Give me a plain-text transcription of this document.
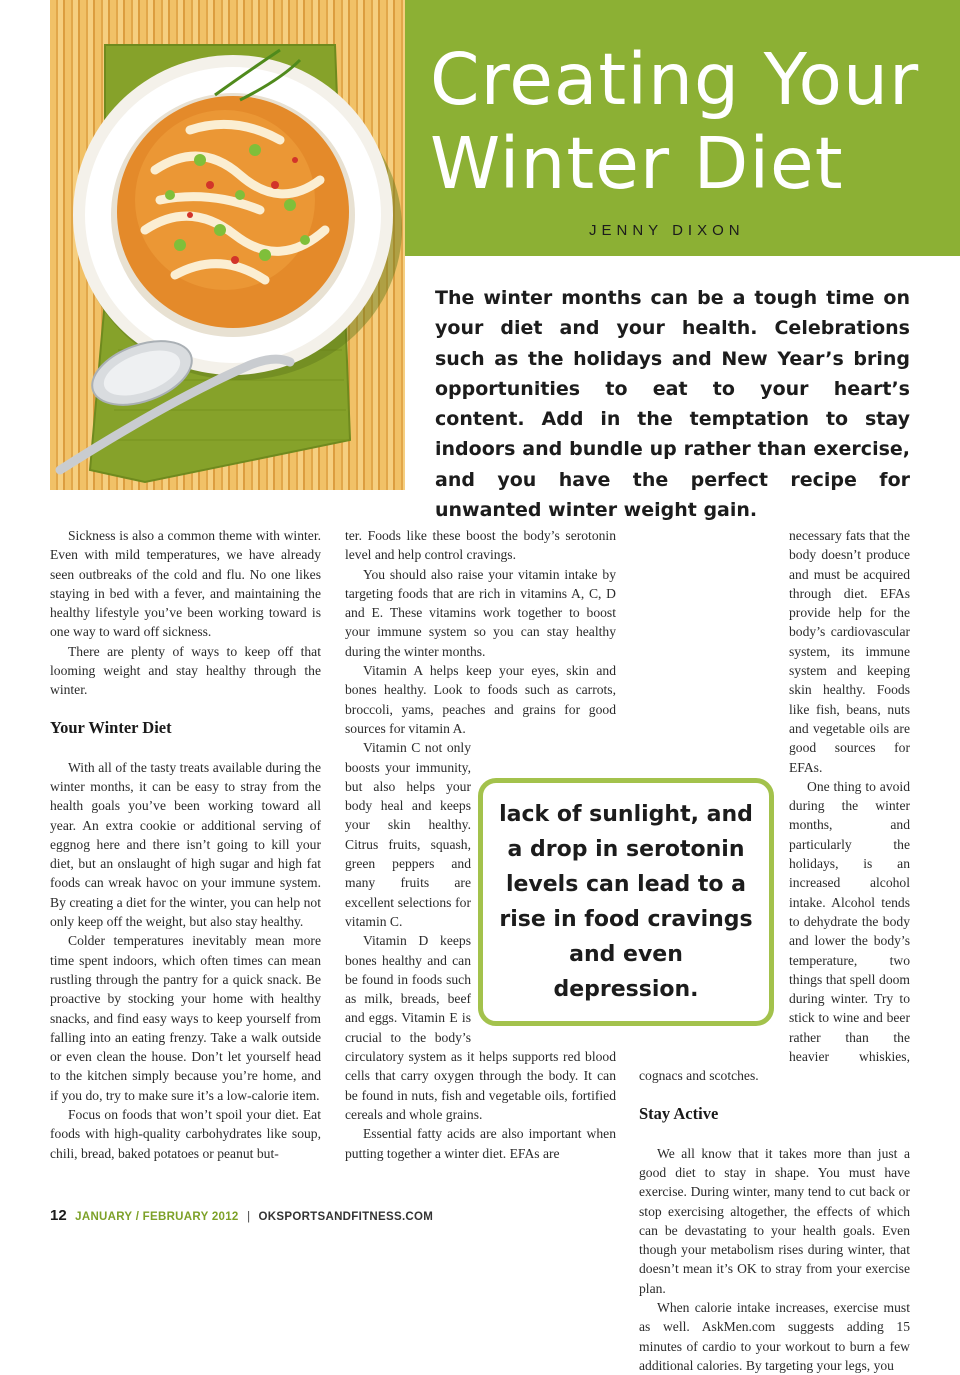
Creating Your
Winter Diet
JENNY DIXON
The winter months can be a tough time on your diet and your health. Celebrations such as the holidays and New Year’s bring opportunities to eat to your heart’s content. Add in the temptation to stay indoors and bundle up rather than exercise, and you have the perfect recipe for unwanted winter weight gain.

Sickness is also a common theme with winter. Even with mild temperatures, we have already seen outbreaks of the cold and flu. No one likes staying in bed with a fever, and maintaining the healthy lifestyle you’ve been working toward is one way to ward off sickness.

There are plenty of ways to keep off that looming weight and stay healthy through the winter.

Your Winter Diet

With all of the tasty treats available during the winter months, it can be easy to stray from the health goals you’ve been working toward all year. An extra cookie or additional serving of eggnog here and there isn’t going to kill your diet, but an onslaught of high sugar and high fat foods can wreak havoc on your immune system. By creating a diet for the winter, you can help not only keep off the weight, but also stay healthy.

Colder temperatures inevitably mean more time spent indoors, which often times can mean rustling through the pantry for a quick snack. Be proactive by stocking your home with healthy snacks, and find easy ways to keep yourself from falling into an eating frenzy. Take a walk outside or even clean the house. Don’t let yourself head to the kitchen simply because you’re home, and if you do, try to make sure it’s a low-calorie item.

Focus on foods that won’t spoil your diet. Eat foods with high-quality carbohydrates like soup, chili, bread, baked potatoes or peanut but-

ter. Foods like these boost the body’s serotonin level and help control cravings.

You should also raise your vitamin intake by targeting foods that are rich in vitamins A, C, D and E. These vitamins work together to boost your immune system so you can stay healthy during the winter months.

Vitamin A helps keep your eyes, skin and bones healthy. Look to foods such as carrots, broccoli, yams, peaches and grains for good sources for vitamin A.

Vitamin C not only boosts your immunity, but also helps your body heal and keeps your skin healthy. Citrus fruits, squash, green peppers and many fruits are excellent selections for vitamin C.

Vitamin D keeps bones healthy and can be found in foods such as milk, breads, beef and eggs. Vitamin E is crucial to the body’s circulatory system as it helps supports red blood cells that carry oxygen through the body. It can be found in nuts, fish and vegetable oils, fortified cereals and whole grains.

Essential fatty acids are also important when putting together a winter diet. EFAs are

necessary fats that the body doesn’t produce and must be acquired through diet. EFAs provide help for the body’s cardiovascular system, its immune system and keeping skin healthy. Foods like fish, beans, nuts and vegetable oils are good sources for EFAs.

One thing to avoid during the winter months, and particularly the holidays, is an increased alcohol intake. Alcohol tends to dehydrate the body and lower the body’s temperature, two things that spell doom during winter. Try to stick to wine and beer rather than the heavier whiskies, cognacs and scotches.

Stay Active

We all know that it takes more than just a good diet to stay in shape. You must have exercise. During winter, many tend to cut back or stop exercising altogether, the effects of which can be devastating to your health goals. Even though your metabolism rises during winter, that doesn’t mean it’s OK to stray from your exercise plan.

When calorie intake increases, exercise must as well. AskMen.com suggests adding 15 minutes of cardio to your workout to burn a few additional calories. By targeting your legs, you

lack of sunlight, and a drop in serotonin levels can lead to a rise in food cravings and even depression.
12 JANUARY / FEBRUARY 2012 | OKSPORTSANDFITNESS.COM
